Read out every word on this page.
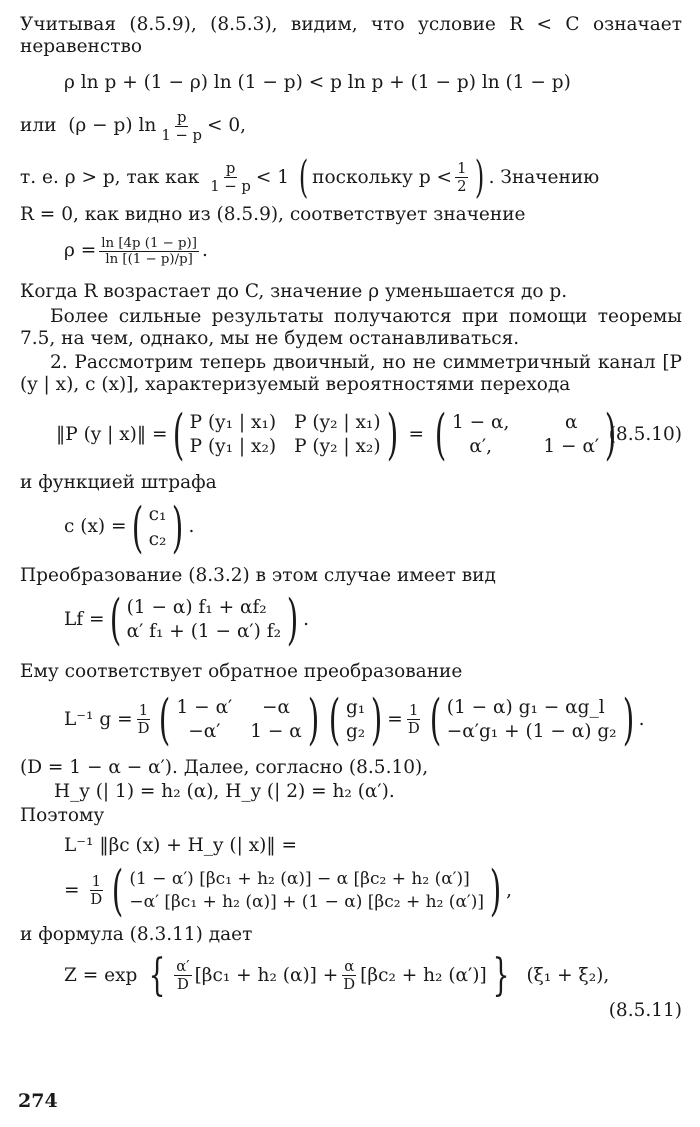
Учитывая (8.5.9), (8.5.3), видим, что условие R < C означает неравенство

ρ ln p + (1 − ρ) ln (1 − p) < p ln p + (1 − p) ln (1 − p)
или
(ρ − p) $\ln \frac{p}{1 - p} < 0$,
т. е. ρ > p, так как
$\frac{p}{1 - p} < 1$
( поскольку
$p < \frac{1}{2}$ ) . Значению

R = 0, как видно из (8.5.9), соответствует значение

$\rho = \frac{\ln [4p (1 - p)]}{\ln [(1 - p)/p]}$ .

Когда R возрастает до C, значение ρ уменьшается до p.

Более сильные результаты получаются при помощи теоремы 7.5, на чем, однако, мы не будем останавливаться.

2. Рассмотрим теперь двоичный, но не симметричный канал [P (y | x), c (x)], характеризуемый вероятностями перехода

‖P (y | x)‖ = ( P (y₁ | x₁) P (y₂ | x₁)
P (y₁ | x₂) P (y₂ | x₂) ) = ( 1 − α,	α
α′,	1 − α′ )
(8.5.10)

и функцией штрафа

c (x) = ( c₁
c₂ ) .

Преобразование (8.3.2) в этом случае имеет вид

Lf = ( (1 − α) f₁ + αf₂
α′ f₁ + (1 − α′) f₂ ) .

Ему соответствует обратное преобразование

L⁻¹ $g = \frac{1}{D}$ ( 1 − α′	−α
−α′	1 − α ) ( g₁
g₂ ) = $\frac{1}{D}$ ( (1 − α) g₁ − αg_l
−α′g₁ + (1 − α) g₂ ) .

(D = 1 − α − α′). Далее, согласно (8.5.10),

H_y (| 1) = h₂ (α), H_y (| 2) = h₂ (α′).

Поэтому

L⁻¹ ‖βc (x) + H_y (| x)‖ =
= $\frac{1}{D}$ ( (1 − α′) [βc₁ + h₂ (α)] − α [βc₂ + h₂ (α′)]
−α′ [βc₁ + h₂ (α)] + (1 − α) [βc₂ + h₂ (α′)] ) ,

и формула (8.3.11) дает

Z = exp
{ $\frac{\alpha'}{D} [\beta c_1 + h_2$ $(\alpha)] + \frac{\alpha}{D} [\beta c_2 + h_2$ (α′)] }
(ξ₁ + ξ₂),
(8.5.11)
274
